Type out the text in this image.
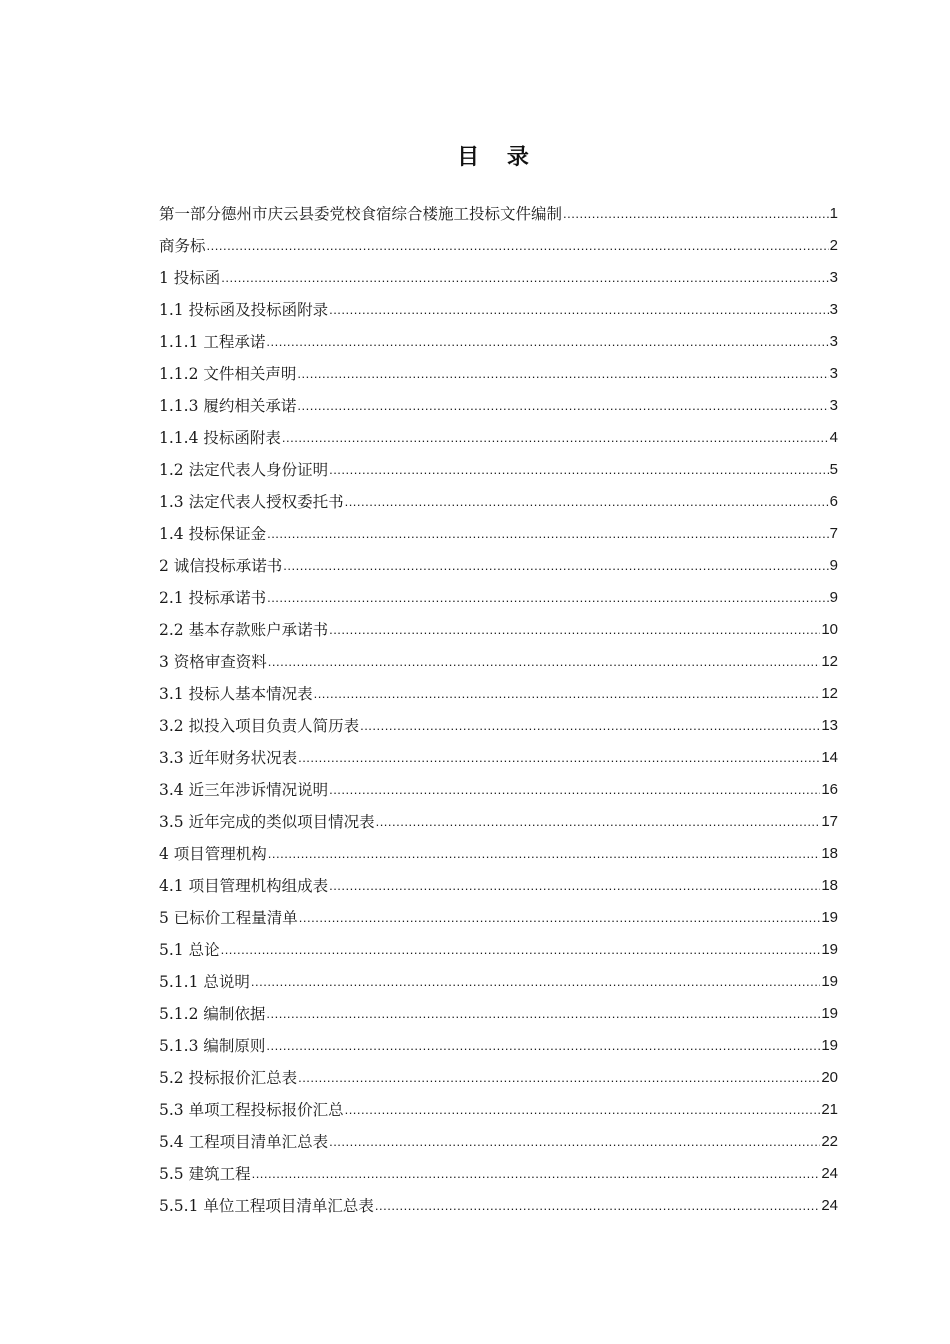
目 录
第一部分德州市庆云县委党校食宿综合楼施工投标文件编制 .....	1
商务标 .....	2
1 投标函 .....	3
1.1 投标函及投标函附录 .....	3
1.1.1 工程承诺 .....	3
1.1.2 文件相关声明 .....	3
1.1.3 履约相关承诺 .....	3
1.1.4 投标函附表 .....	4
1.2 法定代表人身份证明 .....	5
1.3 法定代表人授权委托书 .....	6
1.4 投标保证金 .....	7
2 诚信投标承诺书 .....	9
2.1 投标承诺书 .....	9
2.2 基本存款账户承诺书 .....	10
3 资格审查资料 .....	12
3.1 投标人基本情况表 .....	12
3.2 拟投入项目负责人简历表 .....	13
3.3 近年财务状况表 .....	14
3.4 近三年涉诉情况说明 .....	16
3.5 近年完成的类似项目情况表 .....	17
4 项目管理机构 .....	18
4.1 项目管理机构组成表 .....	18
5 已标价工程量清单 .....	19
5.1 总论 .....	19
5.1.1 总说明 .....	19
5.1.2 编制依据 .....	19
5.1.3 编制原则 .....	19
5.2 投标报价汇总表 .....	20
5.3 单项工程投标报价汇总 .....	21
5.4 工程项目清单汇总表 .....	22
5.5 建筑工程 .....	24
5.5.1 单位工程项目清单汇总表 .....	24
